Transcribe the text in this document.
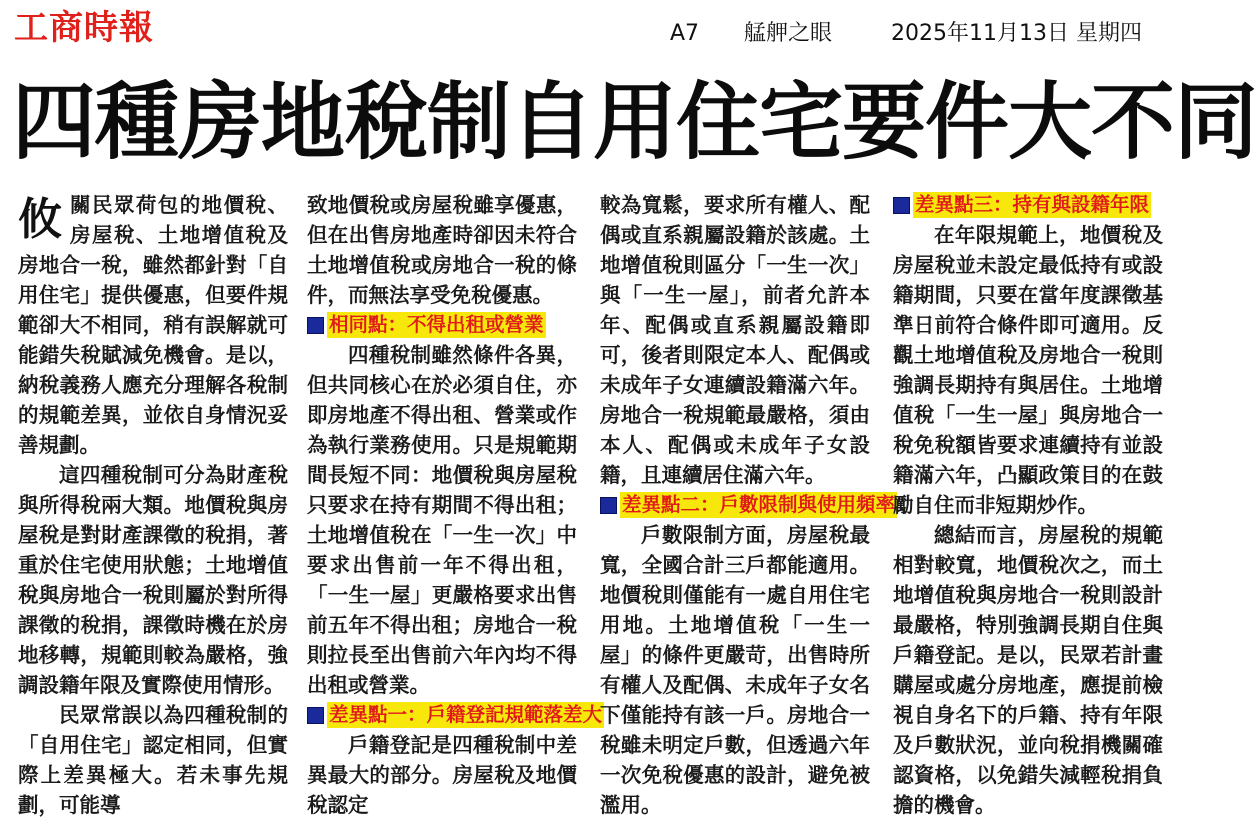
工商時報	A7 艋舺之眼	2025年11月13日 星期四
四種房地稅制自用住宅要件大不同

攸關民眾荷包的地價稅、房屋稅、土地增值稅及房地合一稅，雖然都針對「自用住宅」提供優惠，但要件規範卻大不相同，稍有誤解就可能錯失稅賦減免機會。是以，納稅義務人應充分理解各稅制的規範差異，並依自身情況妥善規劃。

這四種稅制可分為財產稅與所得稅兩大類。地價稅與房屋稅是對財產課徵的稅捐，著重於住宅使用狀態；土地增值稅與房地合一稅則屬於對所得課徵的稅捐，課徵時機在於房地移轉，規範則較為嚴格，強調設籍年限及實際使用情形。

民眾常誤以為四種稅制的「自用住宅」認定相同，但實際上差異極大。若未事先規劃，可能導

致地價稅或房屋稅雖享優惠，但在出售房地產時卻因未符合土地增值稅或房地合一稅的條件，而無法享受免稅優惠。

相同點：不得出租或營業

四種稅制雖然條件各異，但共同核心在於必須自住，亦即房地產不得出租、營業或作為執行業務使用。只是規範期間長短不同：地價稅與房屋稅只要求在持有期間不得出租；土地增值稅在「一生一次」中要求出售前一年不得出租，「一生一屋」更嚴格要求出售前五年不得出租；房地合一稅則拉長至出售前六年內均不得出租或營業。

差異點一：戶籍登記規範落差大

戶籍登記是四種稅制中差異最大的部分。房屋稅及地價稅認定

較為寬鬆，要求所有權人、配偶或直系親屬設籍於該處。土地增值稅則區分「一生一次」與「一生一屋」，前者允許本年、配偶或直系親屬設籍即可，後者則限定本人、配偶或未成年子女連續設籍滿六年。房地合一稅規範最嚴格，須由本人、配偶或未成年子女設籍，且連續居住滿六年。

差異點二：戶數限制與使用頻率

戶數限制方面，房屋稅最寬，全國合計三戶都能適用。地價稅則僅能有一處自用住宅用地。土地增值稅「一生一屋」的條件更嚴苛，出售時所有權人及配偶、未成年子女名下僅能持有該一戶。房地合一稅雖未明定戶數，但透過六年一次免稅優惠的設計，避免被濫用。

差異點三：持有與設籍年限

在年限規範上，地價稅及房屋稅並未設定最低持有或設籍期間，只要在當年度課徵基準日前符合條件即可適用。反觀土地增值稅及房地合一稅則強調長期持有與居住。土地增值稅「一生一屋」與房地合一稅免稅額皆要求連續持有並設籍滿六年，凸顯政策目的在鼓勵自住而非短期炒作。

總結而言，房屋稅的規範相對較寬，地價稅次之，而土地增值稅與房地合一稅則設計最嚴格，特別強調長期自住與戶籍登記。是以，民眾若計畫購屋或處分房地產，應提前檢視自身名下的戶籍、持有年限及戶數狀況，並向稅捐機關確認資格，以免錯失減輕稅捐負擔的機會。
